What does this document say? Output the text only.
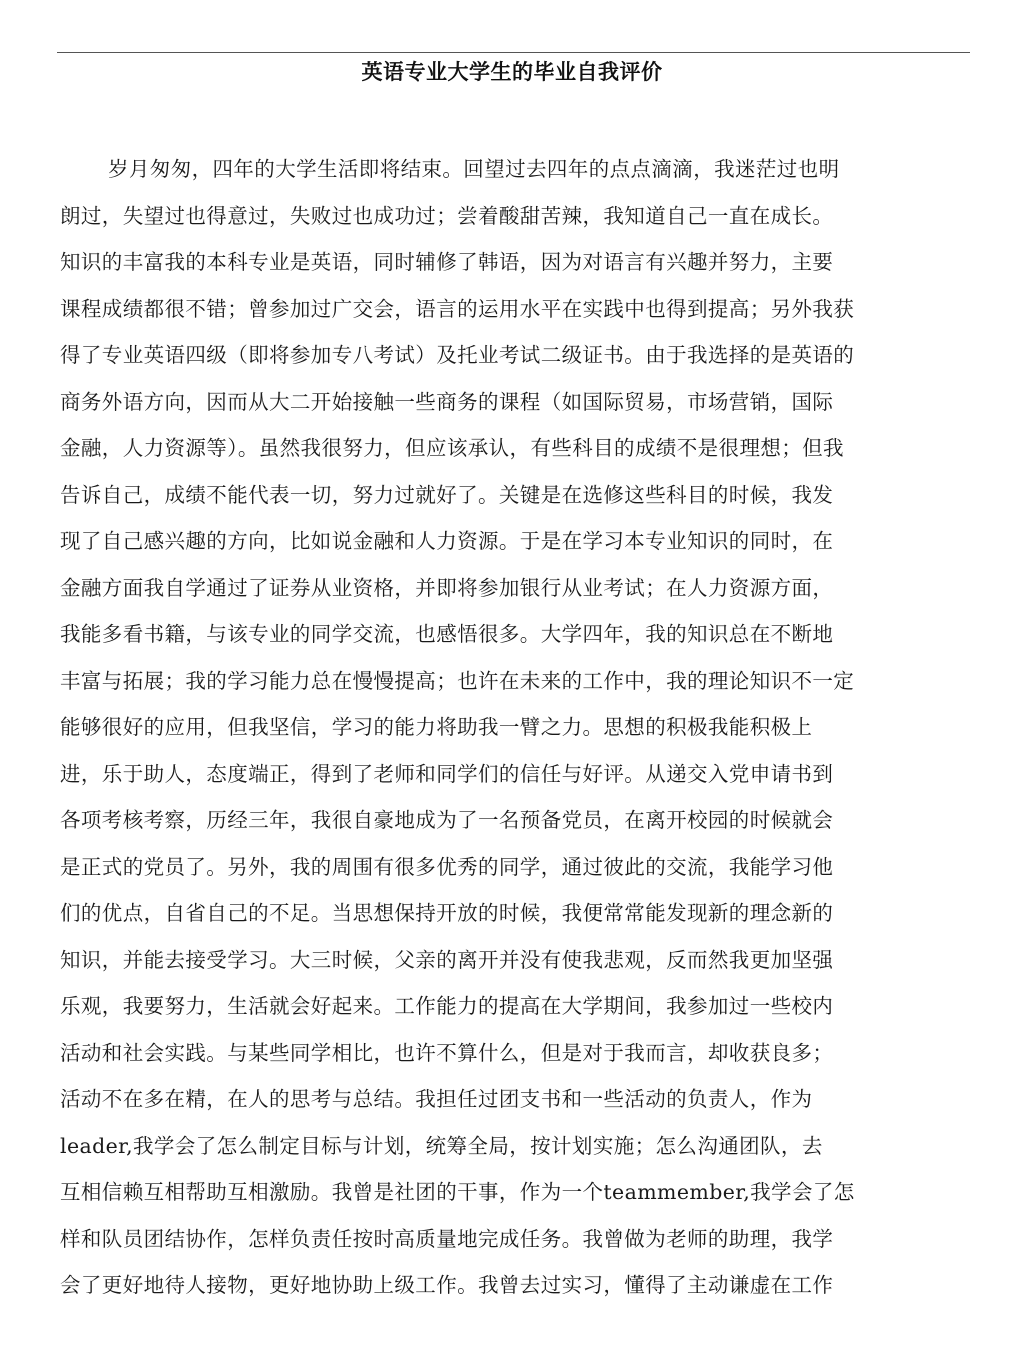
英语专业大学生的毕业自我评价
岁月匆匆，四年的大学生活即将结束。回望过去四年的点点滴滴，我迷茫过也明
朗过，失望过也得意过，失败过也成功过；尝着酸甜苦辣，我知道自己一直在成长。
知识的丰富我的本科专业是英语，同时辅修了韩语，因为对语言有兴趣并努力，主要
课程成绩都很不错；曾参加过广交会，语言的运用水平在实践中也得到提高；另外我获
得了专业英语四级（即将参加专八考试）及托业考试二级证书。由于我选择的是英语的
商务外语方向，因而从大二开始接触一些商务的课程（如国际贸易，市场营销，国际
金融，人力资源等）。虽然我很努力，但应该承认，有些科目的成绩不是很理想；但我
告诉自己，成绩不能代表一切，努力过就好了。关键是在选修这些科目的时候，我发
现了自己感兴趣的方向，比如说金融和人力资源。于是在学习本专业知识的同时，在
金融方面我自学通过了证券从业资格，并即将参加银行从业考试；在人力资源方面，
我能多看书籍，与该专业的同学交流，也感悟很多。大学四年，我的知识总在不断地
丰富与拓展；我的学习能力总在慢慢提高；也许在未来的工作中，我的理论知识不一定
能够很好的应用，但我坚信，学习的能力将助我一臂之力。思想的积极我能积极上
进，乐于助人，态度端正，得到了老师和同学们的信任与好评。从递交入党申请书到
各项考核考察，历经三年，我很自豪地成为了一名预备党员，在离开校园的时候就会
是正式的党员了。另外，我的周围有很多优秀的同学，通过彼此的交流，我能学习他
们的优点，自省自己的不足。当思想保持开放的时候，我便常常能发现新的理念新的
知识，并能去接受学习。大三时候，父亲的离开并没有使我悲观，反而然我更加坚强
乐观，我要努力，生活就会好起来。工作能力的提高在大学期间，我参加过一些校内
活动和社会实践。与某些同学相比，也许不算什么，但是对于我而言，却收获良多；
活动不在多在精，在人的思考与总结。我担任过团支书和一些活动的负责人，作为
leader,我学会了怎么制定目标与计划，统筹全局，按计划实施；怎么沟通团队，去
互相信赖互相帮助互相激励。我曾是社团的干事，作为一个teammember,我学会了怎
样和队员团结协作，怎样负责任按时高质量地完成任务。我曾做为老师的助理，我学
会了更好地待人接物，更好地协助上级工作。我曾去过实习，懂得了主动谦虚在工作
